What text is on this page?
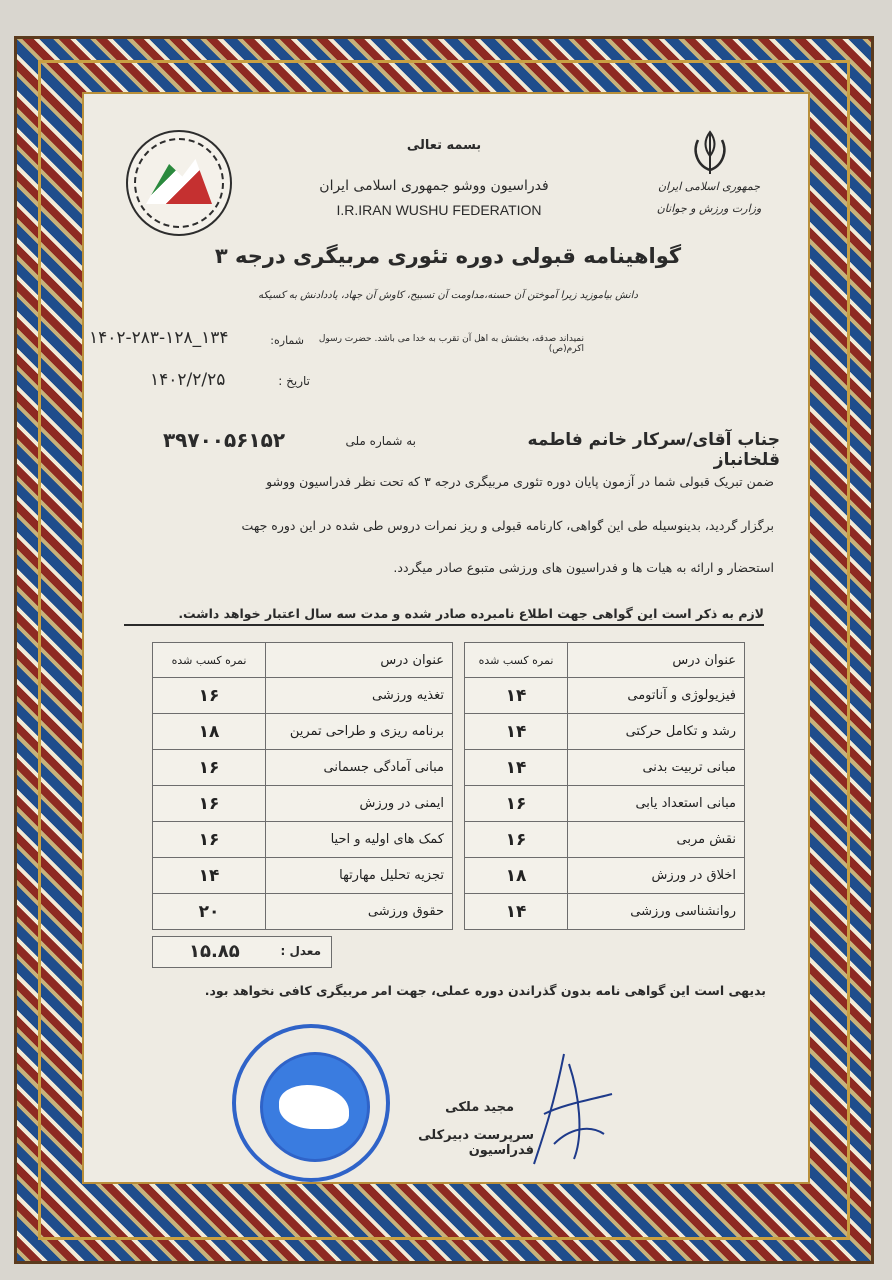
جمهوری اسلامی ایران
وزارت ورزش و جوانان
بسمه تعالی
فدراسیون ووشو جمهوری اسلامی ایران
I.R.IRAN WUSHU FEDERATION
گواهینامه قبولی دوره تئوری مربیگری درجه ۳
دانش بیاموزید زیرا آموختن آن حسنه،مداومت آن تسبیح، کاوش آن جهاد، یاددادنش به کسیکه
نمیداند صدقه، بخشش به اهل آن تقرب به خدا می باشد. حضرت رسول اکرم(ص)
۱۴۰۲-۲۸۳-۱۲۸_۱۳۴	شماره:
۱۴۰۲/۲/۲۵	تاریخ :
جناب آقای/سرکار خانم فاطمه قلخانباز
به شماره ملی
۳۹۷۰۰۵۶۱۵۲
ضمن تبریک قبولی شما در آزمون پایان دوره تئوری مربیگری درجه ۳ که تحت نظر فدراسیون ووشو
برگزار گردید، بدینوسیله طی این گواهی، کارنامه قبولی و ریز نمرات دروس طی شده در این دوره جهت
استحضار و ارائه به هیات ها و فدراسیون های ورزشی متبوع صادر میگردد.
لازم به ذکر است این گواهی جهت اطلاع نامبرده صادر شده و مدت سه سال اعتبار خواهد داشت.
عنوان درس	نمره کسب شده
فیزیولوژی و آناتومی	۱۴
رشد و تکامل حرکتی	۱۴
مبانی تربیت بدنی	۱۴
مبانی استعداد یابی	۱۶
نقش مربی	۱۶
اخلاق در ورزش	۱۸
روانشناسی ورزشی	۱۴
عنوان درس	نمره کسب شده
تغذیه ورزشی	۱۶
برنامه ریزی و طراحی تمرین	۱۸
مبانی آمادگی جسمانی	۱۶
ایمنی در ورزش	۱۶
کمک های اولیه و احیا	۱۶
تجزیه تحلیل مهارتها	۱۴
حقوق ورزشی	۲۰
معدل :
۱۵.۸۵
بدیهی است این گواهی نامه بدون گذراندن دوره عملی، جهت امر مربیگری کافی نخواهد بود.
مجید ملکی
سرپرست دبیرکلی فدراسیون
